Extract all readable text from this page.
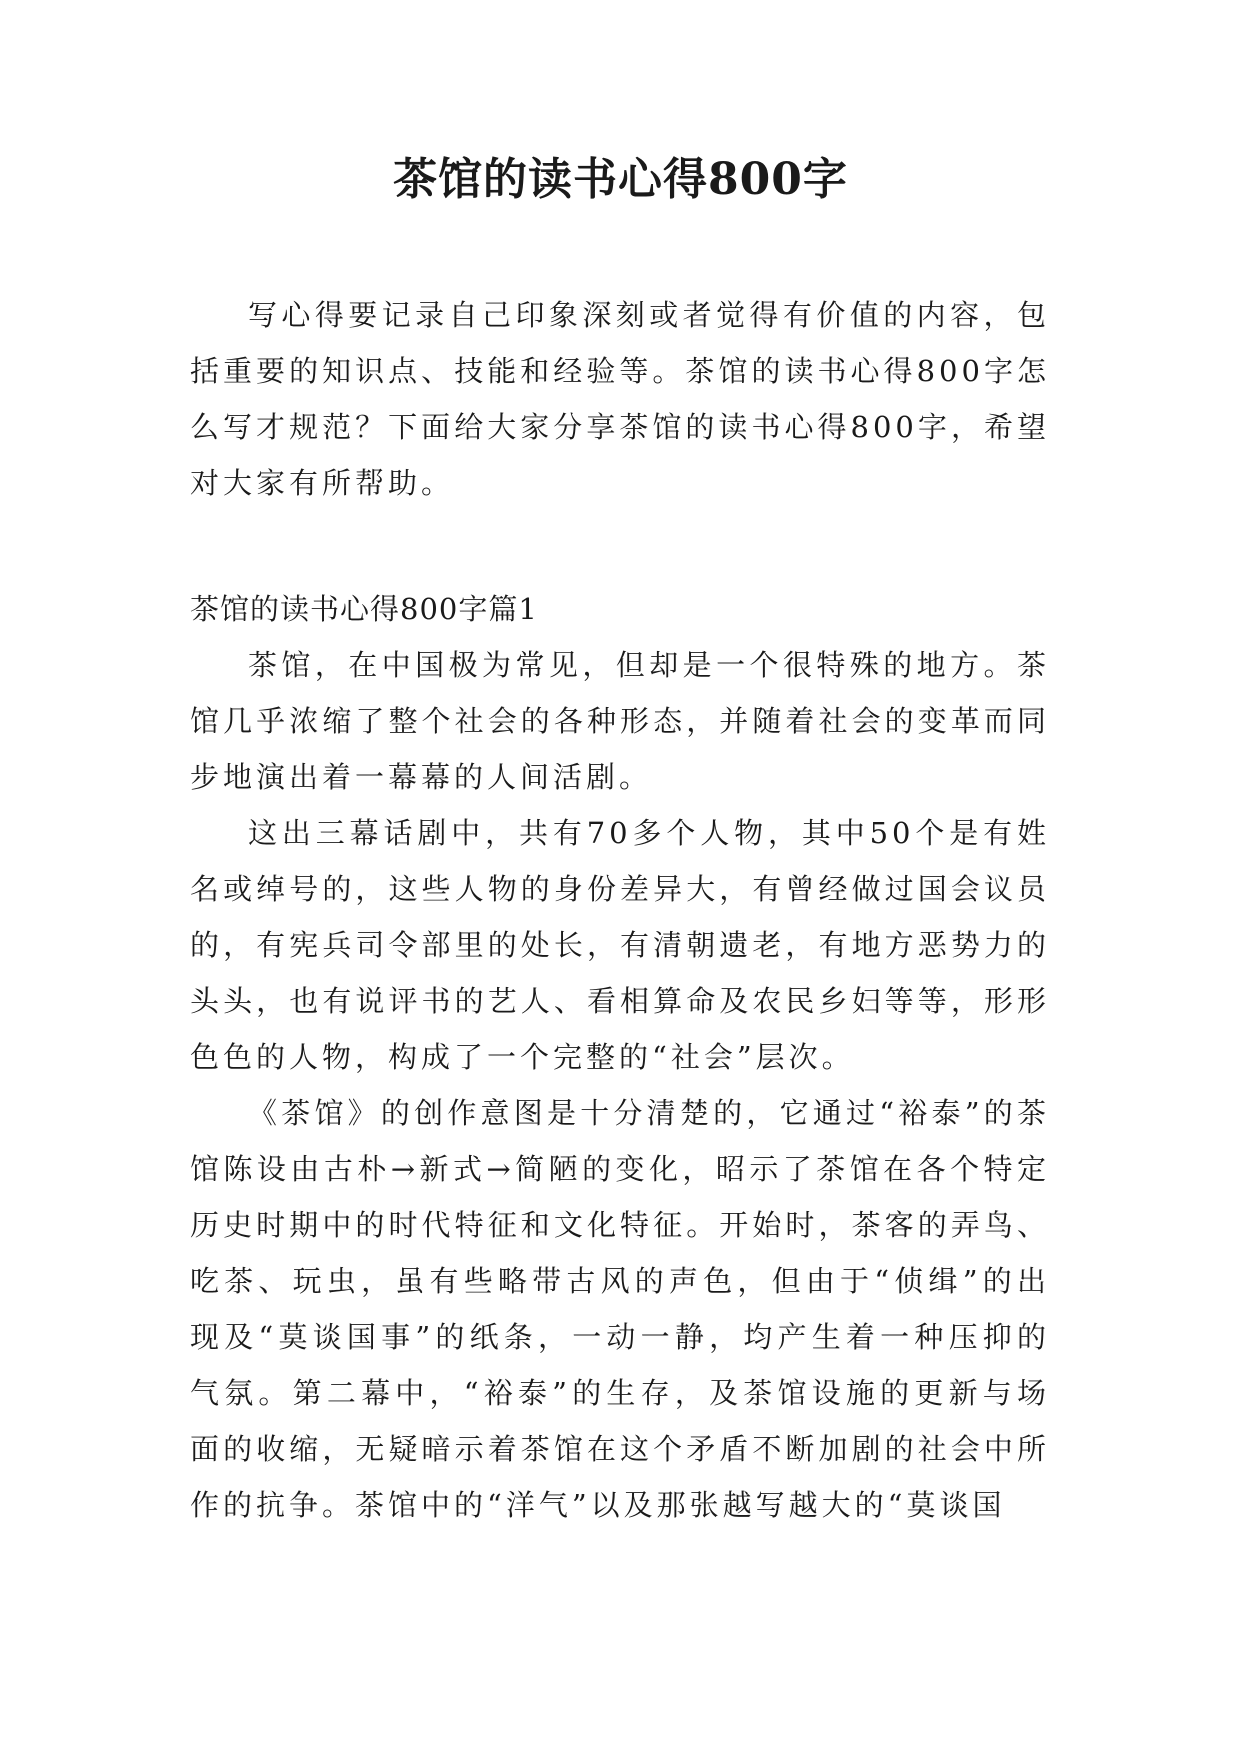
茶馆的读书心得800字

写心得要记录自己印象深刻或者觉得有价值的内容，包括重要的知识点、技能和经验等。茶馆的读书心得800字怎么写才规范？下面给大家分享茶馆的读书心得800字，希望对大家有所帮助。

茶馆的读书心得800字篇1

茶馆，在中国极为常见，但却是一个很特殊的地方。茶馆几乎浓缩了整个社会的各种形态，并随着社会的变革而同步地演出着一幕幕的人间活剧。

这出三幕话剧中，共有70多个人物，其中50个是有姓名或绰号的，这些人物的身份差异大，有曾经做过国会议员的，有宪兵司令部里的处长，有清朝遗老，有地方恶势力的头头，也有说评书的艺人、看相算命及农民乡妇等等，形形色色的人物，构成了一个完整的“社会”层次。

《茶馆》的创作意图是十分清楚的，它通过“裕泰”的茶馆陈设由古朴→新式→简陋的变化，昭示了茶馆在各个特定历史时期中的时代特征和文化特征。开始时，茶客的弄鸟、吃茶、玩虫，虽有些略带古风的声色，但由于“侦缉”的出现及“莫谈国事”的纸条，一动一静，均产生着一种压抑的气氛。第二幕中，“裕泰”的生存，及茶馆设施的更新与场面的收缩，无疑暗示着茶馆在这个矛盾不断加剧的社会中所作的抗争。茶馆中的“洋气”以及那张越写越大的“莫谈国
